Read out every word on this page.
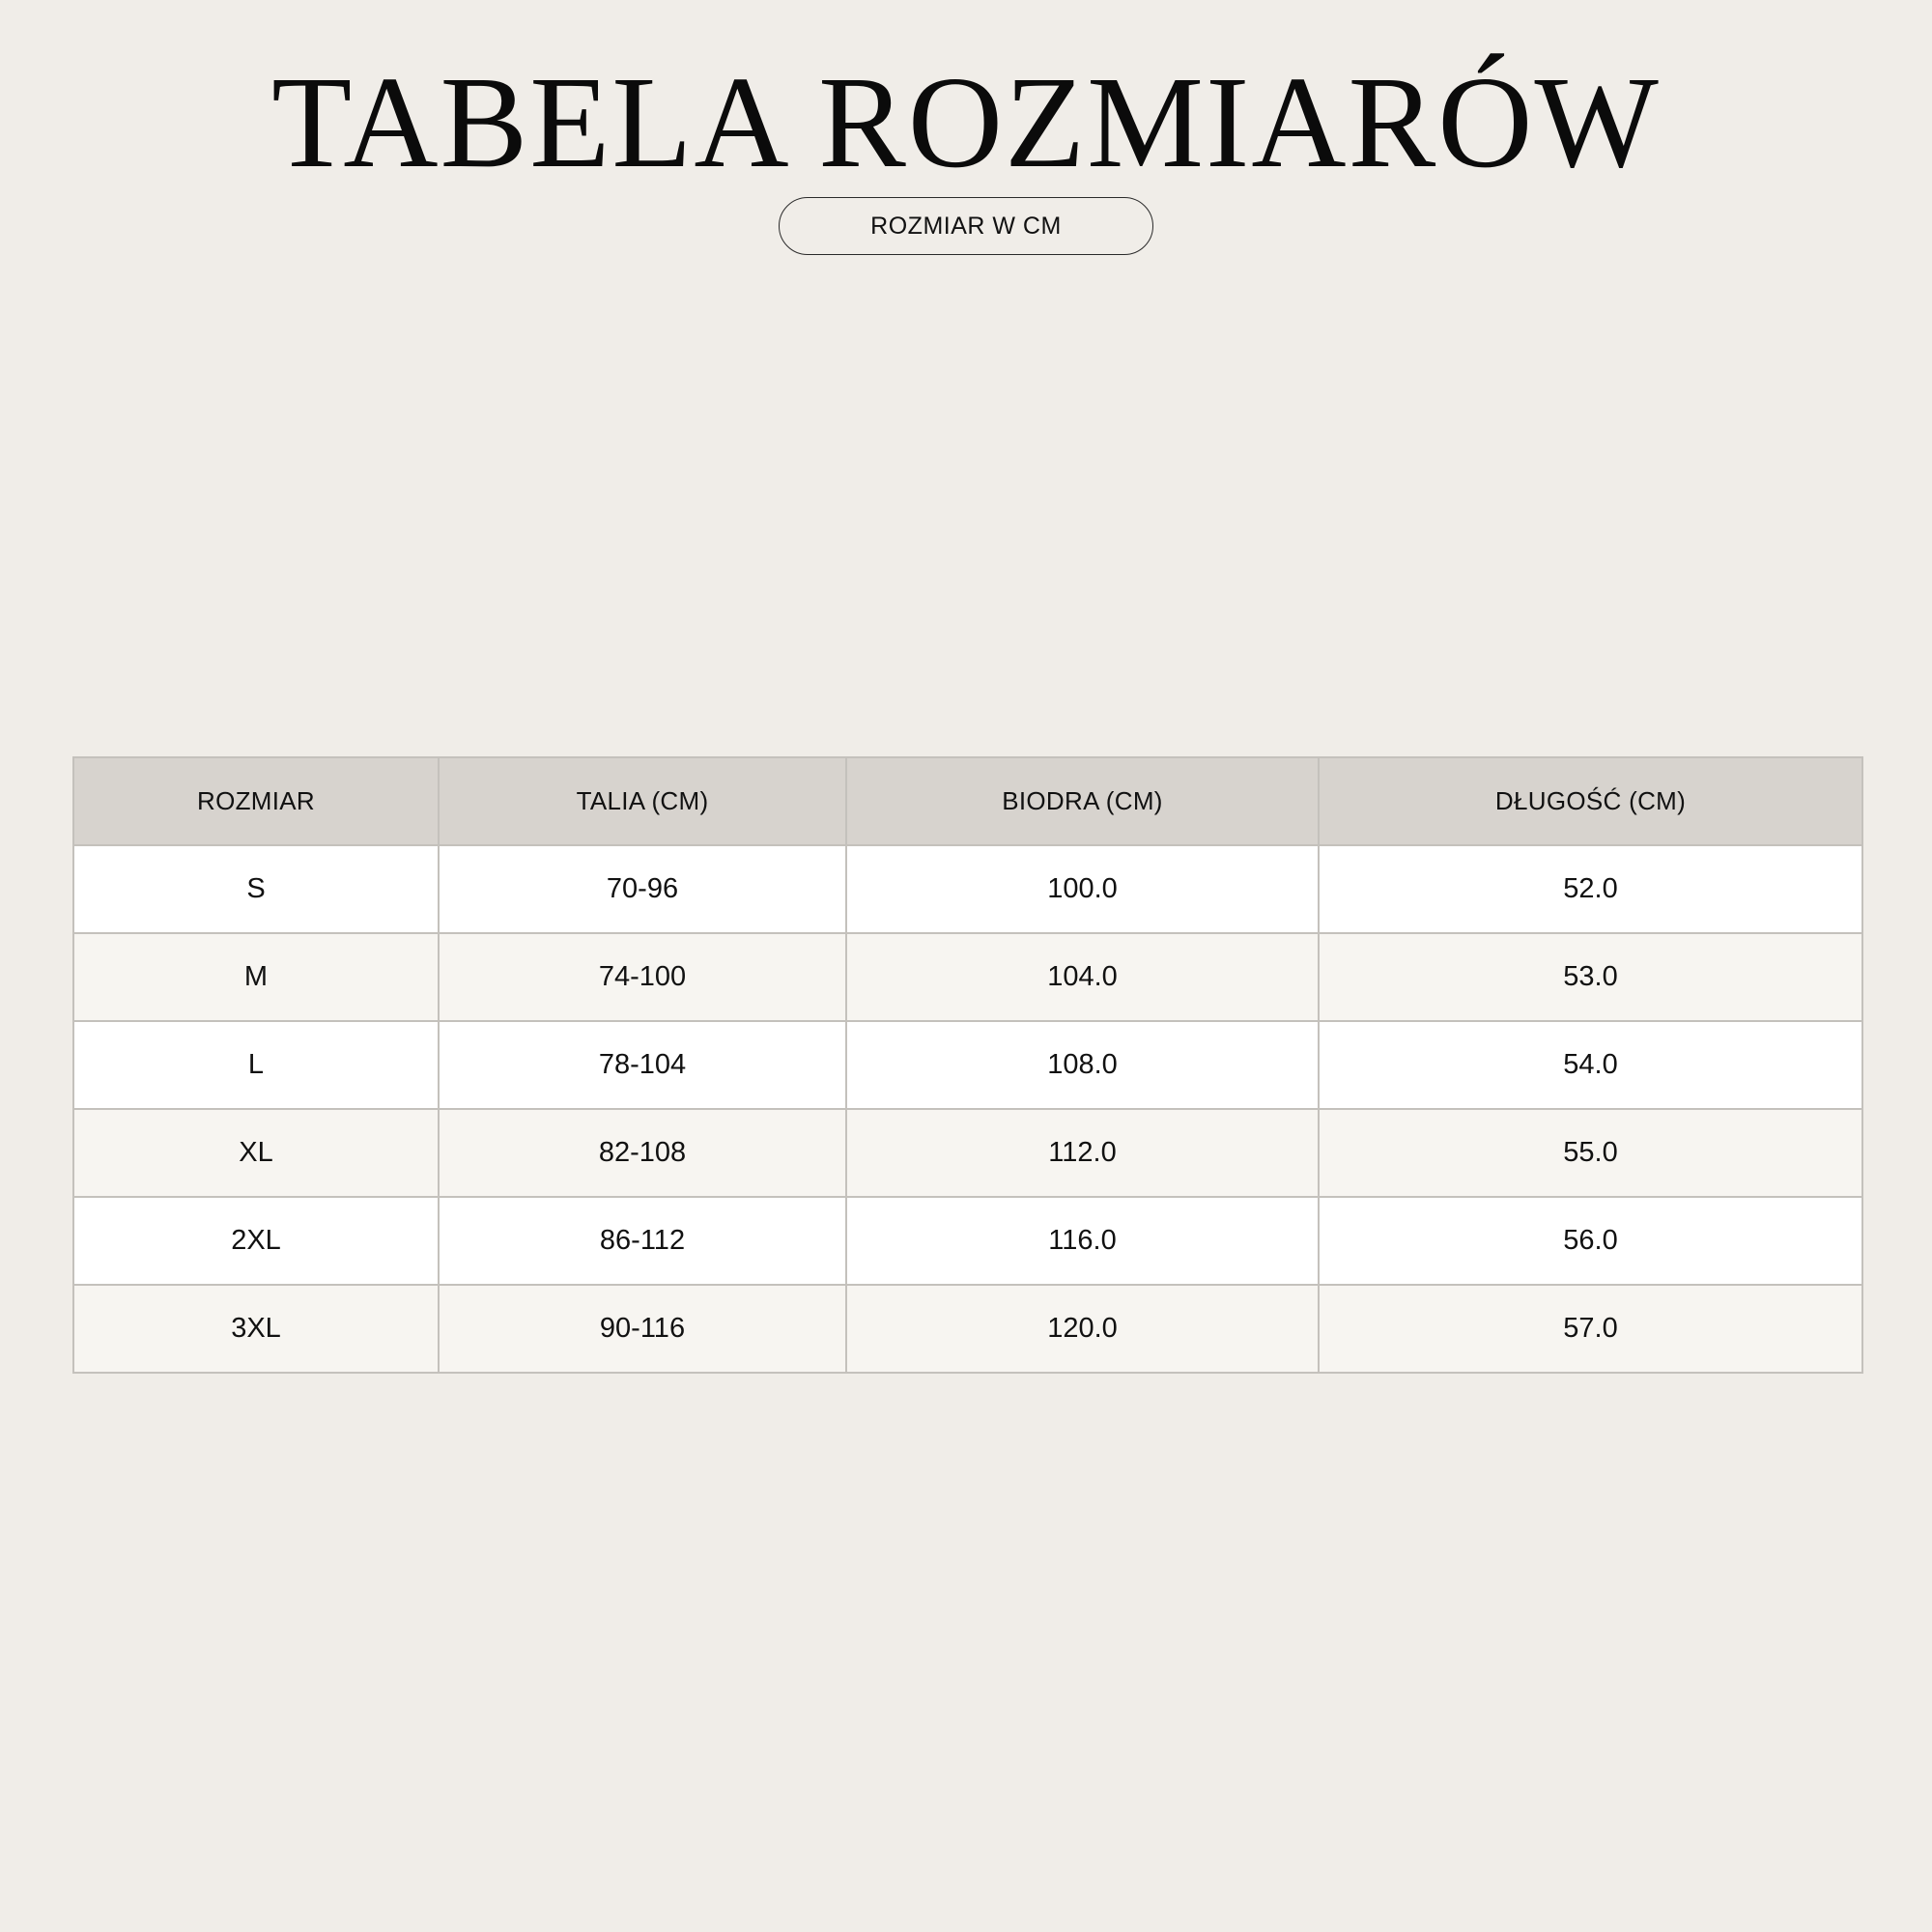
TABELA ROZMIARÓW
ROZMIAR W CM
ROZMIAR	TALIA (CM)	BIODRA (CM)	DŁUGOŚĆ (CM)
S	70-96	100.0	52.0
M	74-100	104.0	53.0
L	78-104	108.0	54.0
XL	82-108	112.0	55.0
2XL	86-112	116.0	56.0
3XL	90-116	120.0	57.0
